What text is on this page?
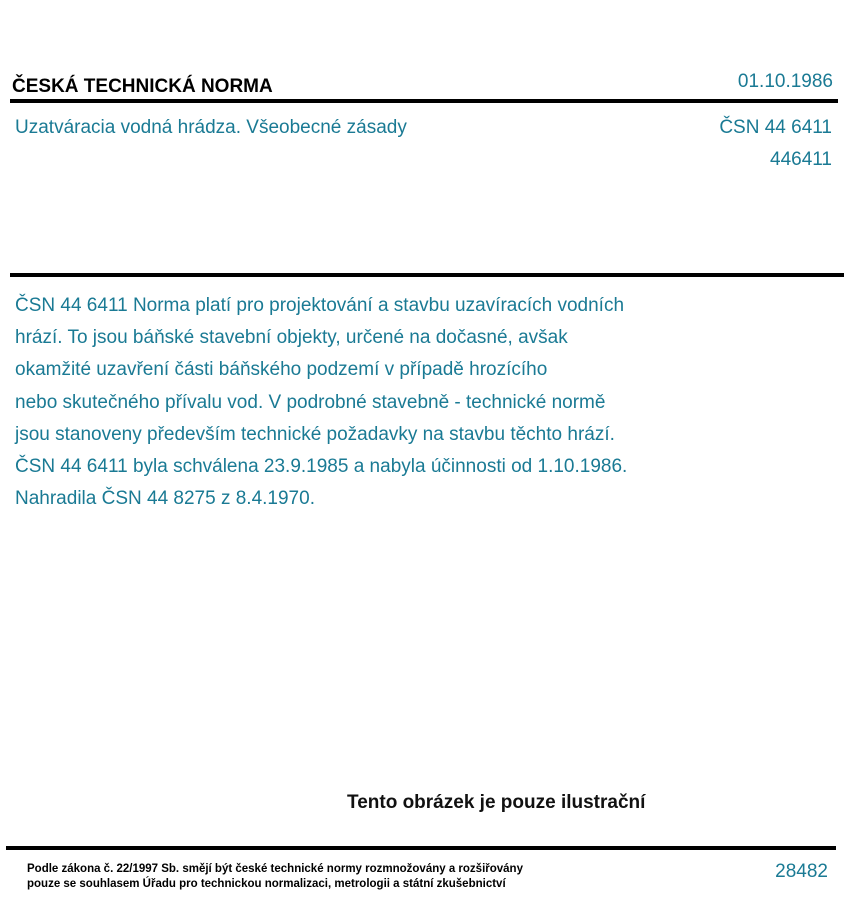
ČESKÁ TECHNICKÁ NORMA	01.10.1986
Uzatváracia vodná hrádza. Všeobecné zásady	ČSN 44 6411
446411
ČSN 44 6411 Norma platí pro projektování a stavbu uzavíracích vodních
hrází. To jsou báňské stavební objekty, určené na dočasné, avšak
okamžité uzavření části báňského podzemí v případě hrozícího
nebo skutečného přívalu vod. V podrobné stavebně - technické normě
jsou stanoveny především technické požadavky na stavbu těchto hrází.
ČSN 44 6411 byla schválena 23.9.1985 a nabyla účinnosti od 1.10.1986.
Nahradila ČSN 44 8275 z 8.4.1970.
Tento obrázek je pouze ilustrační
Podle zákona č. 22/1997 Sb. smějí být české technické normy rozmnožovány a rozšiřovány
pouze se souhlasem Úřadu pro technickou normalizaci, metrologii a státní zkušebnictví
28482
